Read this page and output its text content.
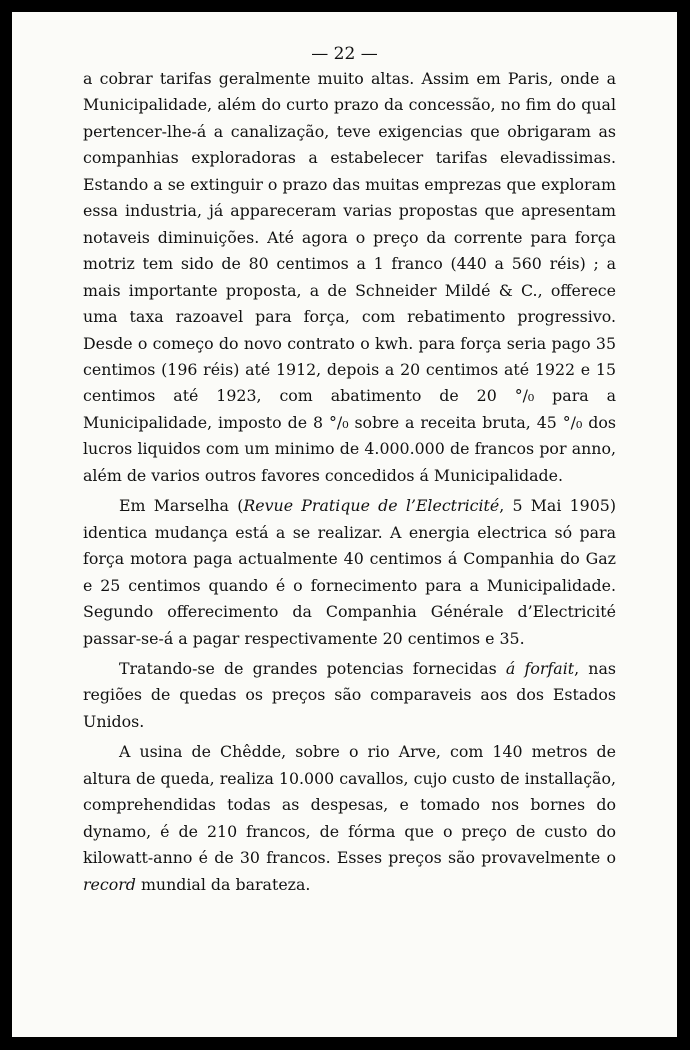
— 22 —

a cobrar tarifas geralmente muito altas. Assim em Paris, onde a Municipalidade, além do curto prazo da concessão, no fim do qual pertencer-lhe-á a canalização, teve exigencias que obrigaram as companhias exploradoras a estabelecer tarifas elevadissimas. Estando a se extinguir o prazo das muitas emprezas que exploram essa industria, já appareceram varias propostas que apresentam notaveis diminuições. Até agora o preço da corrente para força motriz tem sido de 80 centimos a 1 franco (440 a 560 réis) ; a mais importante proposta, a de Schneider Mildé & C., offerece uma taxa razoavel para força, com rebatimento progressivo. Desde o começo do novo contrato o kwh. para força seria pago 35 centimos (196 réis) até 1912, depois a 20 centimos até 1922 e 15 centimos até 1923, com abatimento de 20 °/₀ para a Municipalidade, imposto de 8 °/₀ sobre a receita bruta, 45 °/₀ dos lucros liquidos com um minimo de 4.000.000 de francos por anno, além de varios outros favores concedidos á Municipalidade.

Em Marselha (Revue Pratique de l’Electricité, 5 Mai 1905) identica mudança está a se realizar. A energia electrica só para força motora paga actualmente 40 centimos á Companhia do Gaz e 25 centimos quando é o fornecimento para a Municipalidade. Segundo offerecimento da Companhia Générale d’Electricité passar-se-á a pagar respectivamente 20 centimos e 35.

Tratando-se de grandes potencias fornecidas á forfait, nas regiões de quedas os preços são comparaveis aos dos Estados Unidos.

A usina de Chêdde, sobre o rio Arve, com 140 metros de altura de queda, realiza 10.000 cavallos, cujo custo de installação, comprehendidas todas as despesas, e tomado nos bornes do dynamo, é de 210 francos, de fórma que o preço de custo do kilowatt-anno é de 30 francos. Esses preços são provavelmente o record mundial da barateza.
